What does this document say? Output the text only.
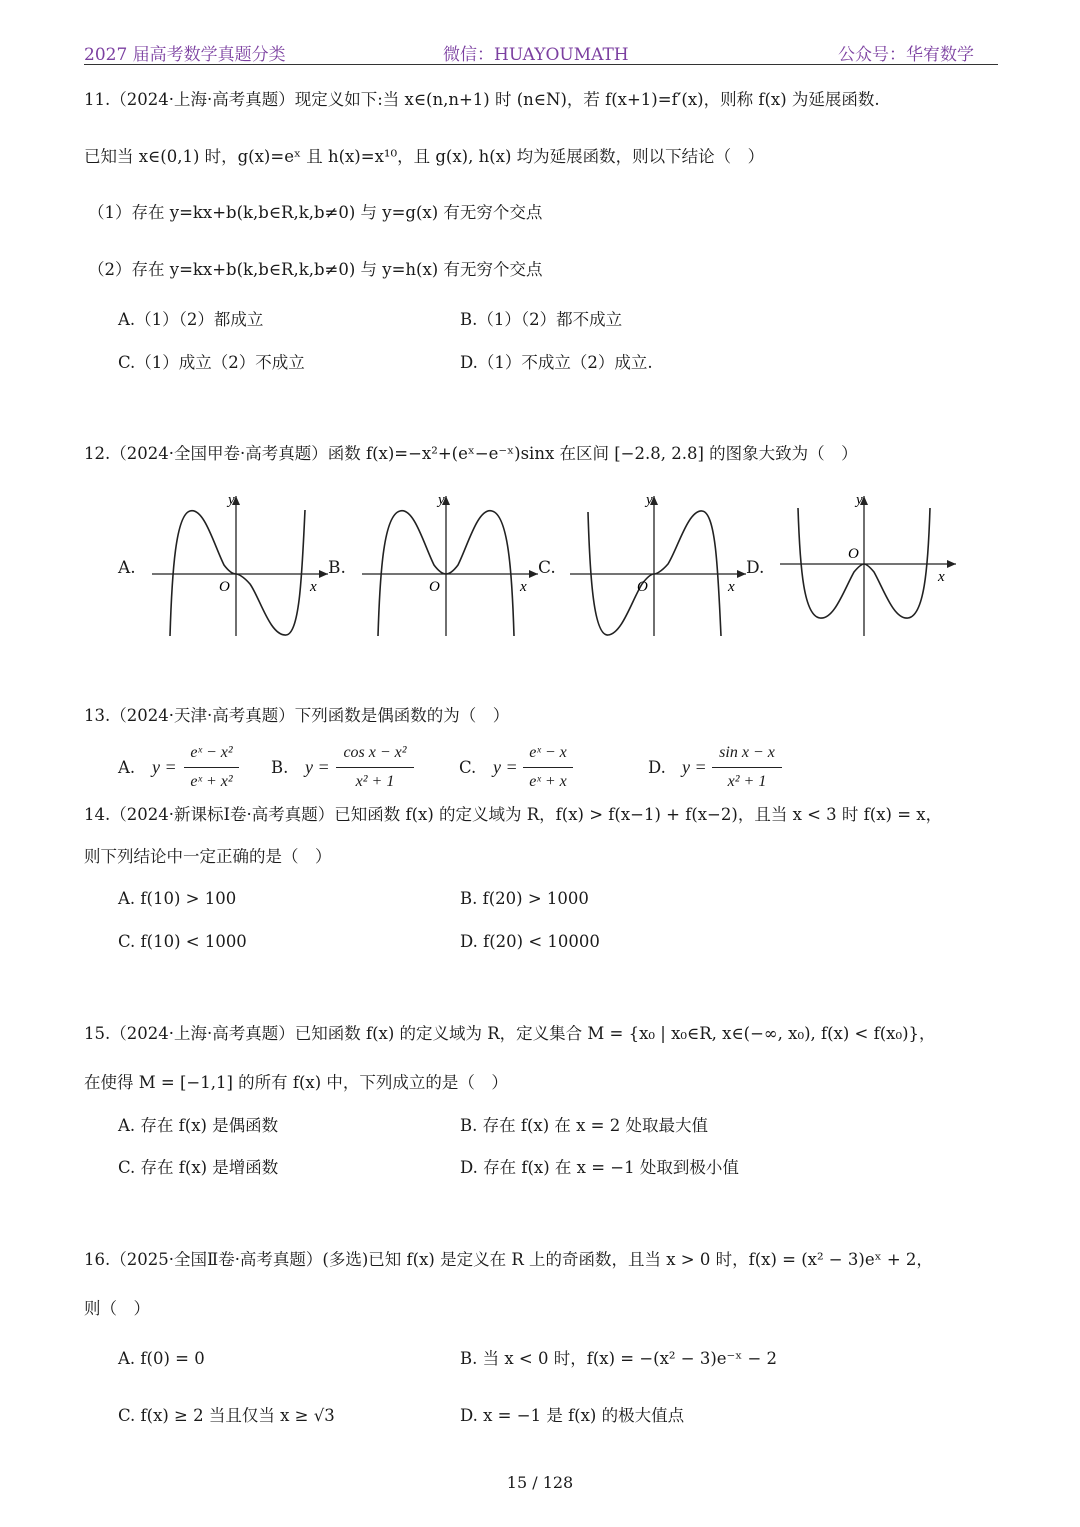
2027 届高考数学真题分类	微信：HUAYOUMATH	公众号：华宥数学
11.（2024·上海·高考真题）现定义如下:当 x∈(n,n+1) 时 (n∈N)，若 f(x+1)=f′(x)，则称 f(x) 为延展函数.
已知当 x∈(0,1) 时，g(x)=eˣ 且 h(x)=x¹⁰，且 g(x), h(x) 均为延展函数，则以下结论（　）
（1）存在 y=kx+b(k,b∈R,k,b≠0) 与 y=g(x) 有无穷个交点
（2）存在 y=kx+b(k,b∈R,k,b≠0) 与 y=h(x) 有无穷个交点
A.（1）（2）都成立	B.（1）（2）都不成立
C.（1）成立（2）不成立	D.（1）不成立（2）成立.
12.（2024·全国甲卷·高考真题）函数 f(x)=−x²+(eˣ−e⁻ˣ)sinx 在区间 [−2.8, 2.8] 的图象大致为（　）
A.
y
x
O
B.
y
x
O
C.
y
x
O
D.
y
x
O
13.（2024·天津·高考真题）下列函数是偶函数的为（　）
A. y =
eˣ − x²
eˣ + x²
B. y =
cos x − x²
x² + 1
C. y =
eˣ − x
eˣ + x
D. y =
sin x − x
x² + 1
14.（2024·新课标Ⅰ卷·高考真题）已知函数 f(x) 的定义域为 R，f(x) > f(x−1) + f(x−2)，且当 x < 3 时 f(x) = x，
则下列结论中一定正确的是（　）
A. f(10) > 100	B. f(20) > 1000
C. f(10) < 1000	D. f(20) < 10000
15.（2024·上海·高考真题）已知函数 f(x) 的定义域为 R，定义集合 M = {x₀ | x₀∈R, x∈(−∞, x₀), f(x) < f(x₀)}，
在使得 M = [−1,1] 的所有 f(x) 中，下列成立的是（　）
A. 存在 f(x) 是偶函数	B. 存在 f(x) 在 x = 2 处取最大值
C. 存在 f(x) 是增函数	D. 存在 f(x) 在 x = −1 处取到极小值
16.（2025·全国Ⅱ卷·高考真题）(多选)已知 f(x) 是定义在 R 上的奇函数，且当 x > 0 时，f(x) = (x² − 3)eˣ + 2，
则（　）
A. f(0) = 0	B. 当 x < 0 时，f(x) = −(x² − 3)e⁻ˣ − 2
C. f(x) ≥ 2 当且仅当 x ≥ √3	D. x = −1 是 f(x) 的极大值点
15 / 128
